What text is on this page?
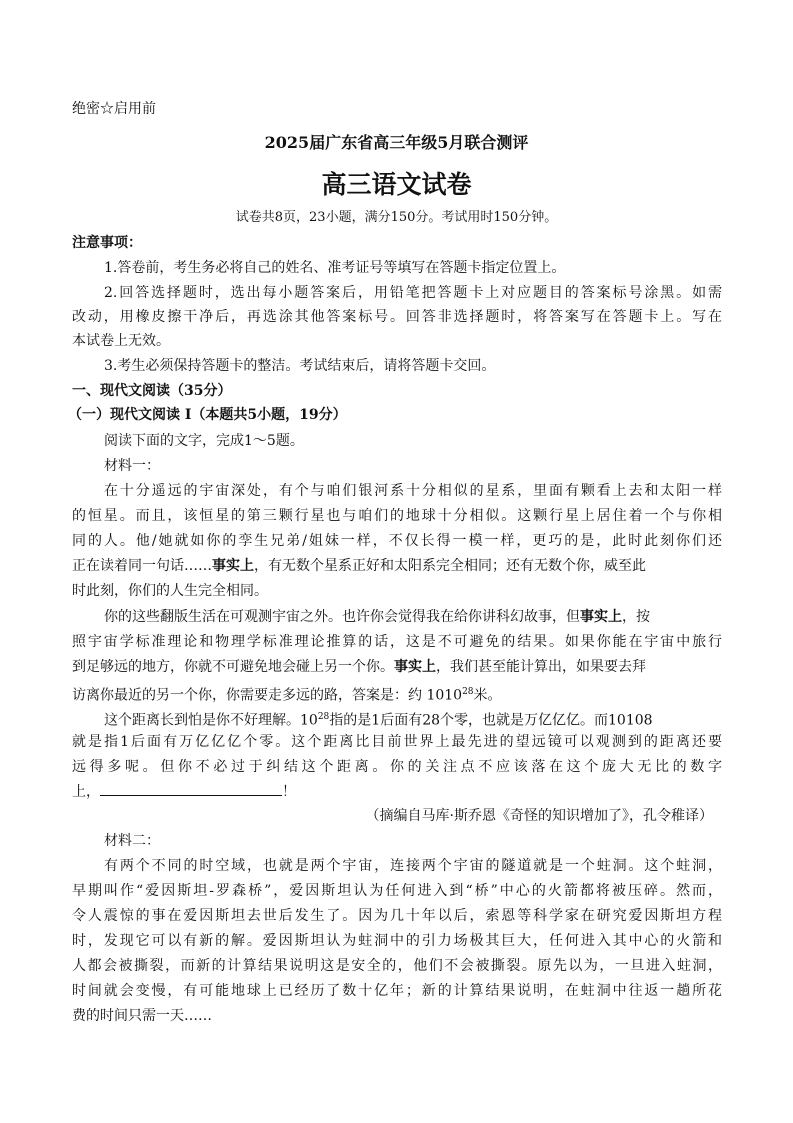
绝密☆启用前
2025届广东省高三年级5月联合测评
高三语文试卷
试卷共8页，23小题，满分150分。考试用时150分钟。
注意事项：
1.答卷前，考生务必将自己的姓名、准考证号等填写在答题卡指定位置上。
2.回答选择题时，选出每小题答案后，用铅笔把答题卡上对应题目的答案标号涂黑。如需
改动，用橡皮擦干净后，再选涂其他答案标号。回答非选择题时，将答案写在答题卡上。写在
本试卷上无效。
3.考生必须保持答题卡的整洁。考试结束后，请将答题卡交回。
一、现代文阅读（35分）
（一）现代文阅读 I（本题共5小题，19分）
阅读下面的文字，完成1～5题。
材料一：
在十分遥远的宇宙深处，有个与咱们银河系十分相似的星系，里面有颗看上去和太阳一样
的恒星。而且，该恒星的第三颗行星也与咱们的地球十分相似。这颗行星上居住着一个与你相
同的人。他/她就如你的孪生兄弟/姐妹一样，不仅长得一模一样，更巧的是，此时此刻你们还
正在读着同一句话……事实上，有无数个星系正好和太阳系完全相同；还有无数个你，威至此
时此刻，你们的人生完全相同。
你的这些翻版生活在可观测宇宙之外。也许你会觉得我在给你讲科幻故事，但事实上，按
照宇宙学标准理论和物理学标准理论推算的话，这是不可避免的结果。如果你能在宇宙中旅行
到足够远的地方，你就不可避免地会碰上另一个你。事实上，我们甚至能计算出，如果要去拜
访离你最近的另一个你，你需要走多远的路，答案是：约 1010$^{28}$米。
这个距离长到怕是你不好理解。$10^{28}$指的是1后面有28个零，也就是万亿亿亿。而10108
就是指1后面有万亿亿亿个零。这个距离比目前世界上最先进的望远镜可以观测到的距离还要
远得多呢。但你不必过于纠结这个距离。你的关注点不应该落在这个庞大无比的数字
上，	！
（摘编自马库·斯乔恩《奇怪的知识增加了》，孔令稚译）
材料二：
有两个不同的时空域，也就是两个宇宙，连接两个宇宙的隧道就是一个蛀洞。这个蛀洞，
早期叫作“爱因斯坦-罗森桥”，爱因斯坦认为任何进入到“桥”中心的火箭都将被压碎。然而，
令人震惊的事在爱因斯坦去世后发生了。因为几十年以后，索恩等科学家在研究爱因斯坦方程
时，发现它可以有新的解。爱因斯坦认为蛀洞中的引力场极其巨大，任何进入其中心的火箭和
人都会被撕裂，而新的计算结果说明这是安全的，他们不会被撕裂。原先以为，一旦进入蛀洞，
时间就会变慢，有可能地球上已经历了数十亿年；新的计算结果说明，在蛀洞中往返一趟所花
费的时间只需一天……
